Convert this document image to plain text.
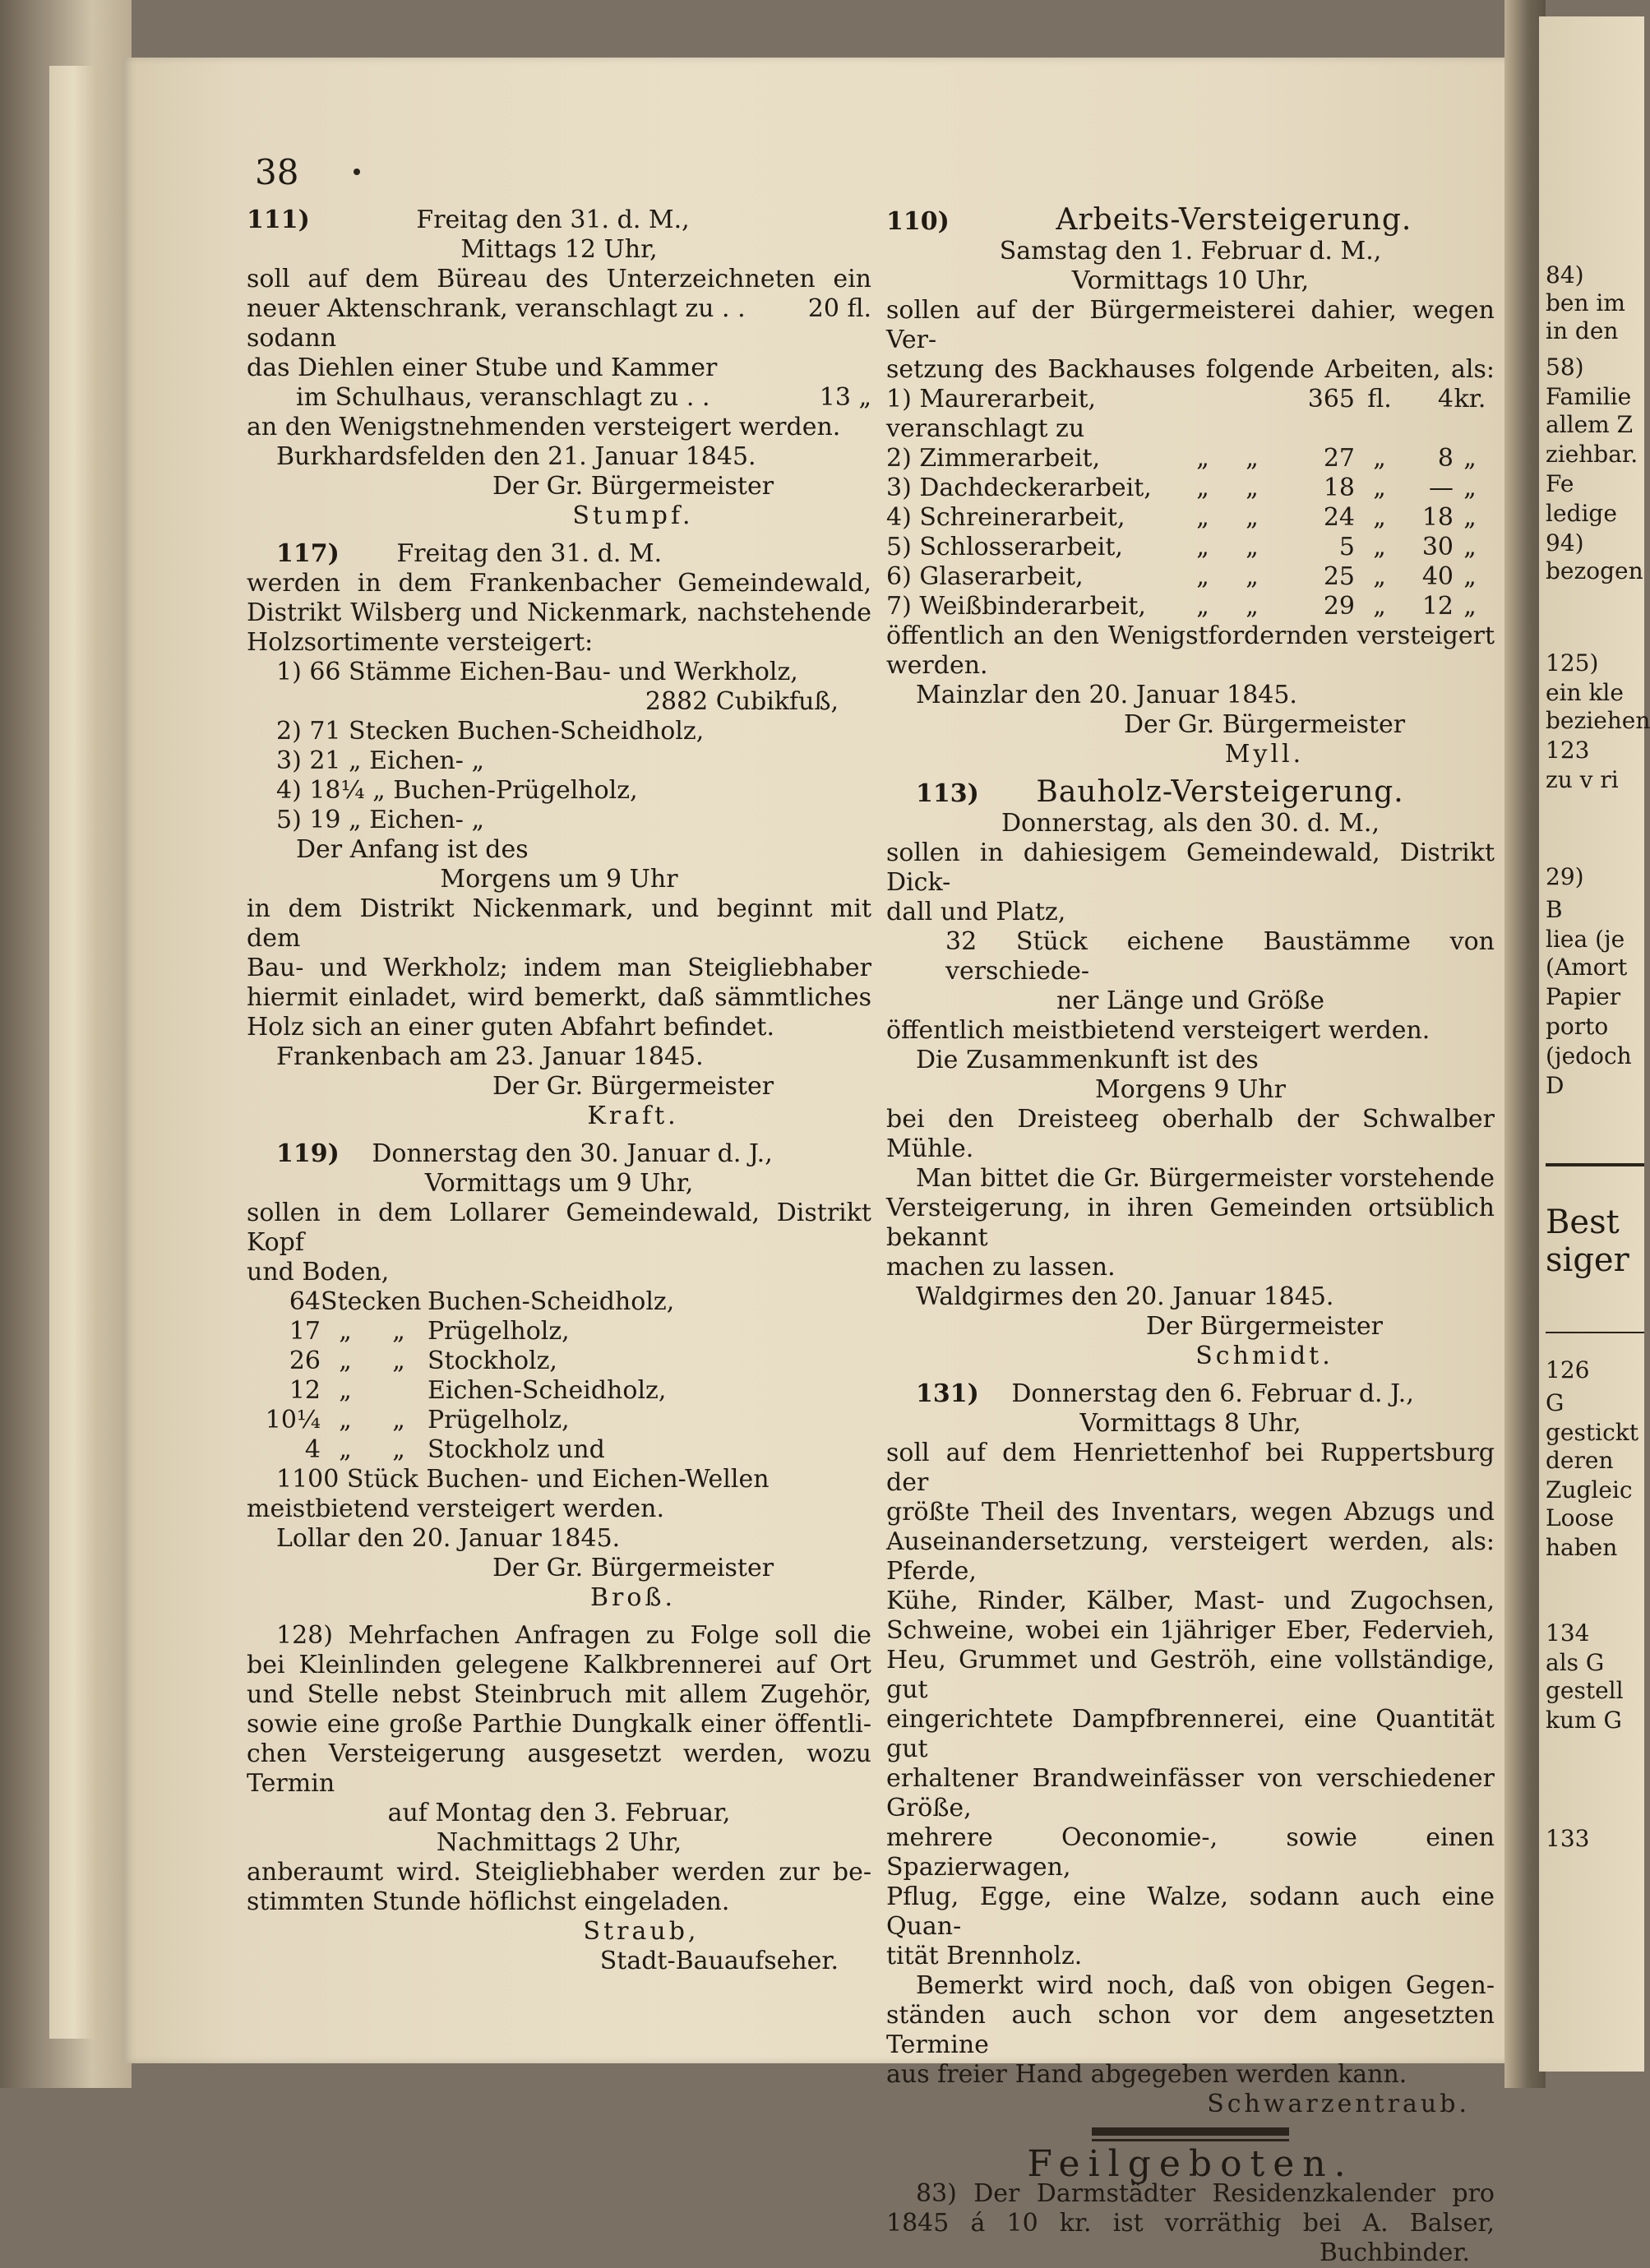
38

111)	Freitag den 31. d. M.,

Mittags 12 Uhr,

soll auf dem Büreau des Unterzeichneten ein

neuer Aktenschrank, veranschlagt zu . .	20 fl.

sodann

das Diehlen einer Stube und Kammer

im Schulhaus, veranschlagt zu . .	13 „

an den Wenigstnehmenden versteigert werden.

Burkhardsfelden den 21. Januar 1845.

Der Gr. Bürgermeister

Stumpf.

117) Freitag den 31. d. M.

werden in dem Frankenbacher Gemeindewald,

Distrikt Wilsberg und Nickenmark, nachstehende

Holzsortimente versteigert:

1) 66 Stämme Eichen-Bau- und Werkholz,

2882 Cubikfuß,

2) 71 Stecken Buchen-Scheidholz,

3) 21 „ Eichen- „

4) 18¼ „ Buchen-Prügelholz,

5) 19 „ Eichen- „

Der Anfang ist des

Morgens um 9 Uhr

in dem Distrikt Nickenmark, und beginnt mit dem

Bau- und Werkholz; indem man Steigliebhaber

hiermit einladet, wird bemerkt, daß sämmtliches

Holz sich an einer guten Abfahrt befindet.

Frankenbach am 23. Januar 1845.

Der Gr. Bürgermeister

Kraft.

119) Donnerstag den 30. Januar d. J.,

Vormittags um 9 Uhr,

sollen in dem Lollarer Gemeindewald, Distrikt Kopf

und Boden,

64 Stecken Buchen-Scheidholz,

17 „	„ Prügelholz,

26 „	„ Stockholz,

12 „	Eichen-Scheidholz,

10¼ „	„ Prügelholz,

4 „	„ Stockholz und

1100 Stück Buchen- und Eichen-Wellen

meistbietend versteigert werden.

Lollar den 20. Januar 1845.

Der Gr. Bürgermeister

Broß.

128) Mehrfachen Anfragen zu Folge soll die

bei Kleinlinden gelegene Kalkbrennerei auf Ort

und Stelle nebst Steinbruch mit allem Zugehör,

sowie eine große Parthie Dungkalk einer öffentli-

chen Versteigerung ausgesetzt werden, wozu Termin

auf Montag den 3. Februar,

Nachmittags 2 Uhr,

anberaumt wird. Steigliebhaber werden zur be-

stimmten Stunde höflichst eingeladen.

Straub,

Stadt-Bauaufseher.

110)	Arbeits-Versteigerung.

Samstag den 1. Februar d. M.,

Vormittags 10 Uhr,

sollen auf der Bürgermeisterei dahier, wegen Ver-

setzung des Backhauses folgende Arbeiten, als:

1) Maurerarbeit, veranschlagt zu
365 fl.	4 kr.

2) Zimmerarbeit,	„	„	27 „	8 „

3) Dachdeckerarbeit,	„	„	18 „	— „

4) Schreinerarbeit,	„	„	24 „	18 „

5) Schlosserarbeit,	„	„	5 „	30 „

6) Glaserarbeit,	„	„	25 „	40 „

7) Weißbinderarbeit,	„	„	29 „	12 „

öffentlich an den Wenigstfordernden versteigert

werden.

Mainzlar den 20. Januar 1845.

Der Gr. Bürgermeister

Myll.

113) Bauholz-Versteigerung.

Donnerstag, als den 30. d. M.,

sollen in dahiesigem Gemeindewald, Distrikt Dick-

dall und Platz,

32 Stück eichene Baustämme von verschiede-

ner Länge und Größe

öffentlich meistbietend versteigert werden.

Die Zusammenkunft ist des

Morgens 9 Uhr

bei den Dreisteeg oberhalb der Schwalber Mühle.

Man bittet die Gr. Bürgermeister vorstehende

Versteigerung, in ihren Gemeinden ortsüblich bekannt

machen zu lassen.

Waldgirmes den 20. Januar 1845.

Der Bürgermeister

Schmidt.

131) Donnerstag den 6. Februar d. J.,

Vormittags 8 Uhr,

soll auf dem Henriettenhof bei Ruppertsburg der

größte Theil des Inventars, wegen Abzugs und

Auseinandersetzung, versteigert werden, als: Pferde,

Kühe, Rinder, Kälber, Mast- und Zugochsen,

Schweine, wobei ein 1jähriger Eber, Federvieh,

Heu, Grummet und Geströh, eine vollständige, gut

eingerichtete Dampfbrennerei, eine Quantität gut

erhaltener Brandweinfässer von verschiedener Größe,

mehrere Oeconomie-, sowie einen Spazierwagen,

Pflug, Egge, eine Walze, sodann auch eine Quan-

tität Brennholz.

Bemerkt wird noch, daß von obigen Gegen-

ständen auch schon vor dem angesetzten Termine

aus freier Hand abgegeben werden kann.

Schwarzentraub.

Feilgeboten.

83) Der Darmstädter Residenzkalender pro

1845 á 10 kr. ist vorräthig bei A. Balser,

Buchbinder.

84)
ben im
in den
58)
Familie
allem Z
ziehbar.
Fe
ledige
94)
bezogen
125)
ein kle
beziehen
123
zu v ri
29)
B
liea (je
(Amort
Papier
porto
(jedoch
D
Best
siger
126
G
gestickt
deren
Zugleic
Loose
haben
134
als G
gestell
kum G
133
